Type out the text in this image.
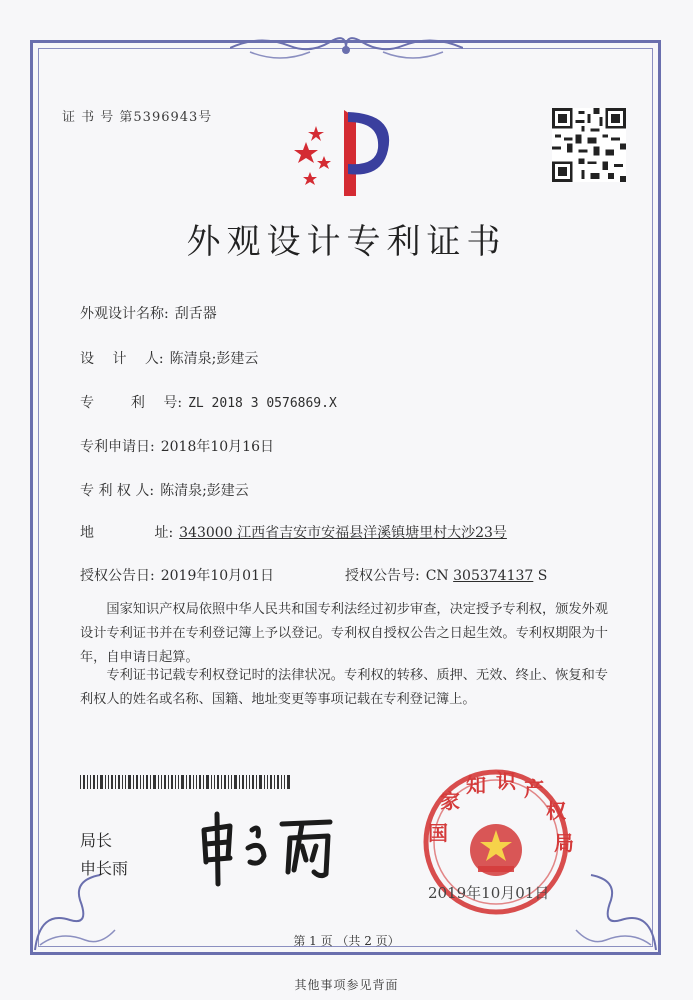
证 书 号 第5396943号
外观设计专利证书
外观设计名称: 刮舌器
设　 计　 人: 陈清泉;彭建云
专　 　 利　 号: ZL 2018 3 0576869.X
专利申请日: 2018年10月16日
专 利 权 人: 陈清泉;彭建云
地　　　　 址: 343000 江西省吉安市安福县洋溪镇塘里村大沙23号
授权公告日: 2019年10月01日	授权公告号: CN 305374137 S
国家知识产权局依照中华人民共和国专利法经过初步审查，决定授予专利权，颁发外观设计专利证书并在专利登记簿上予以登记。专利权自授权公告之日起生效。专利权期限为十年，自申请日起算。
专利证书记载专利权登记时的法律状况。专利权的转移、质押、无效、终止、恢复和专利权人的姓名或名称、国籍、地址变更等事项记载在专利登记簿上。
局长
申长雨
国 家 知 识 产 权 局
2019年10月01日
第 1 页 （共 2 页）
其他事项参见背面
